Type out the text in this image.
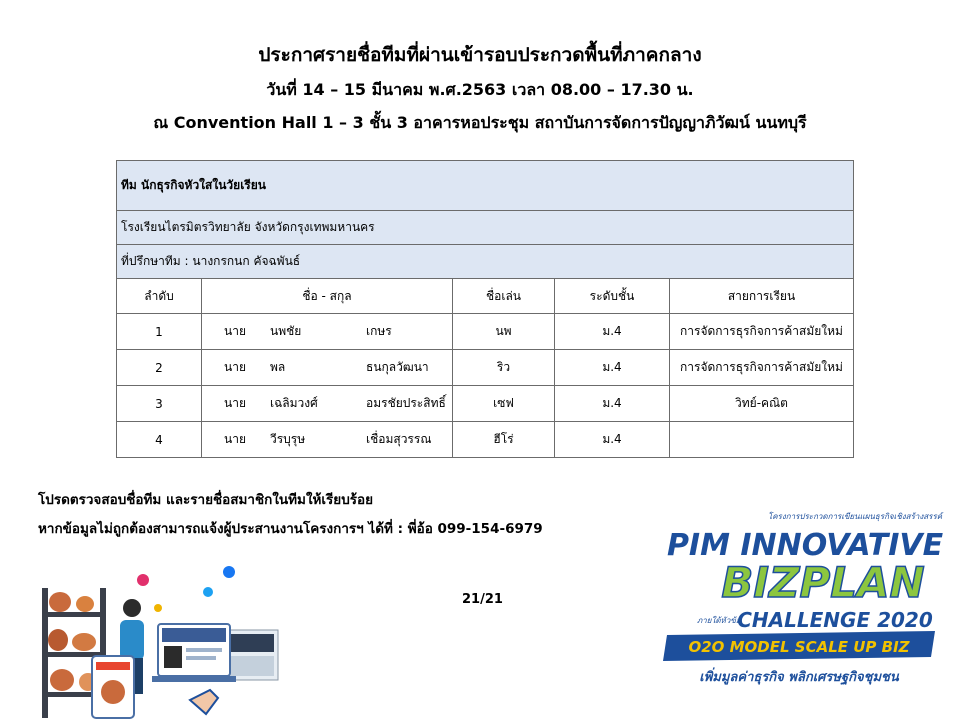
ประกาศรายชื่อทีมที่ผ่านเข้ารอบประกวดพื้นที่ภาคกลาง
วันที่ 14 – 15 มีนาคม พ.ศ.2563 เวลา 08.00 – 17.30 น.
ณ Convention Hall 1 – 3 ชั้น 3 อาคารหอประชุม สถาบันการจัดการปัญญาภิวัฒน์ นนทบุรี
ทีม นักธุรกิจหัวใสในวัยเรียน				
โรงเรียนไตรมิตรวิทยาลัย จังหวัดกรุงเทพมหานคร				
ที่ปรึกษาทีม : นางกรกนก คัจฉพันธ์				
ลำดับ	ชื่อ - สกุล	ชื่อเล่น	ระดับชั้น	สายการเรียน
1	นาย นพชัย เกษร	นพ	ม.4	การจัดการธุรกิจการค้าสมัยใหม่
2	นาย พล ธนกุลวัฒนา	ริว	ม.4	การจัดการธุรกิจการค้าสมัยใหม่
3	นาย เฉลิมวงศ์ อมรชัยประสิทธิ์	เซฟ	ม.4	วิทย์-คณิต
4	นาย วีรบุรุษ เชื่อมสุวรรณ	ฮีโร่	ม.4	
โปรดตรวจสอบชื่อทีม และรายชื่อสมาชิกในทีมให้เรียบร้อย
หากข้อมูลไม่ถูกต้องสามารถแจ้งผู้ประสานงานโครงการฯ ได้ที่ : พี่อ้อ 099-154-6979
21/21
โครงการประกวดการเขียนแผนธุรกิจเชิงสร้างสรรค์
PIM INNOVATIVE
BIZPLAN
ภายใต้หัวข้อ
CHALLENGE 2020
O2O MODEL SCALE UP BIZ
เพิ่มมูลค่าธุรกิจ พลิกเศรษฐกิจชุมชน
